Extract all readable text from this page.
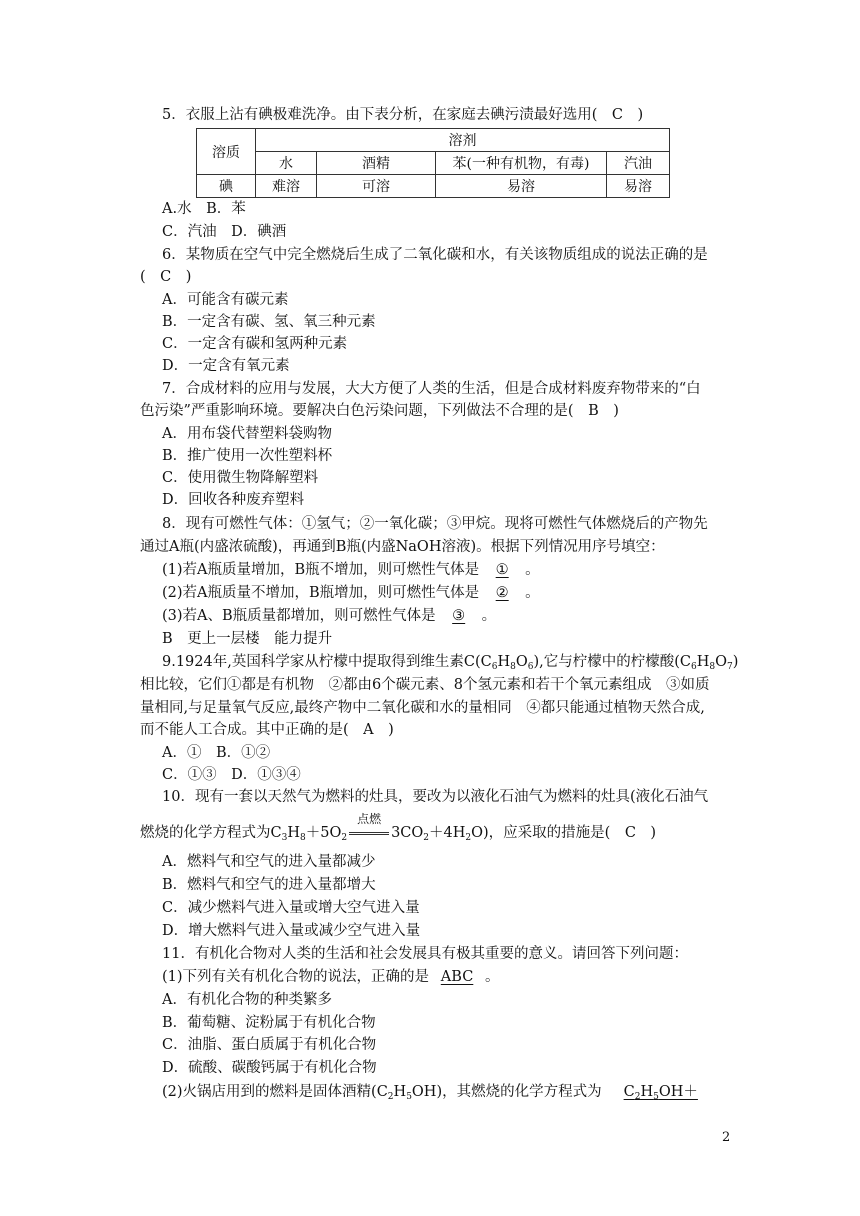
5．衣服上沾有碘极难洗净。由下表分析，在家庭去碘污渍最好选用(　C　)
溶质	溶剂			
	水	酒精	苯(一种有机物，有毒)	汽油
碘	难溶	可溶	易溶	易溶
A.水　B．苯
C．汽油　D．碘酒
6．某物质在空气中完全燃烧后生成了二氧化碳和水，有关该物质组成的说法正确的是
(　C　)
A．可能含有碳元素
B．一定含有碳、氢、氧三种元素
C．一定含有碳和氢两种元素
D．一定含有氧元素
7．合成材料的应用与发展，大大方便了人类的生活，但是合成材料废弃物带来的“白
色污染”严重影响环境。要解决白色污染问题，下列做法不合理的是(　B　)
A．用布袋代替塑料袋购物
B．推广使用一次性塑料杯
C．使用微生物降解塑料
D．回收各种废弃塑料
8．现有可燃性气体：①氢气；②一氧化碳；③甲烷。现将可燃性气体燃烧后的产物先
通过A瓶(内盛浓硫酸)，再通到B瓶(内盛NaOH溶液)。根据下列情况用序号填空：
(1)若A瓶质量增加，B瓶不增加，则可燃性气体是 ① 。
(2)若A瓶质量不增加，B瓶增加，则可燃性气体是 ② 。
(3)若A、B瓶质量都增加，则可燃性气体是 ③ 。
B　更上一层楼　能力提升
9.1924年,英国科学家从柠檬中提取得到维生素$C(C_6H_8O_6)$,它与柠檬中的柠檬酸$(C_6H_8O_7)$
相比较，它们①都是有机物　②都由6个碳元素、8个氢元素和若干个氧元素组成　③如质
量相同,与足量氧气反应,最终产物中二氧化碳和水的量相同　④都只能通过植物天然合成,
而不能人工合成。其中正确的是(　A　)
A．①　B．①②
C．①③　D．①③④
10．现有一套以天然气为燃料的灶具，要改为以液化石油气为燃料的灶具(液化石油气
燃烧的化学方程式为$C_3H_8+5O_2$
点燃
$3CO_2+4H_2O$)，应采取的措施是(　C　)
A．燃料气和空气的进入量都减少
B．燃料气和空气的进入量都增大
C．减少燃料气进入量或增大空气进入量
D．增大燃料气进入量或减少空气进入量
11．有机化合物对人类的生活和社会发展具有极其重要的意义。请回答下列问题：
(1)下列有关有机化合物的说法，正确的是 ABC 。
A．有机化合物的种类繁多
B．葡萄糖、淀粉属于有机化合物
C．油脂、蛋白质属于有机化合物
D．硫酸、碳酸钙属于有机化合物
(2)火锅店用到的燃料是固体酒精$(C_2H_5OH)$，其燃烧的化学方程式为 $C_2H_5OH+$
2
